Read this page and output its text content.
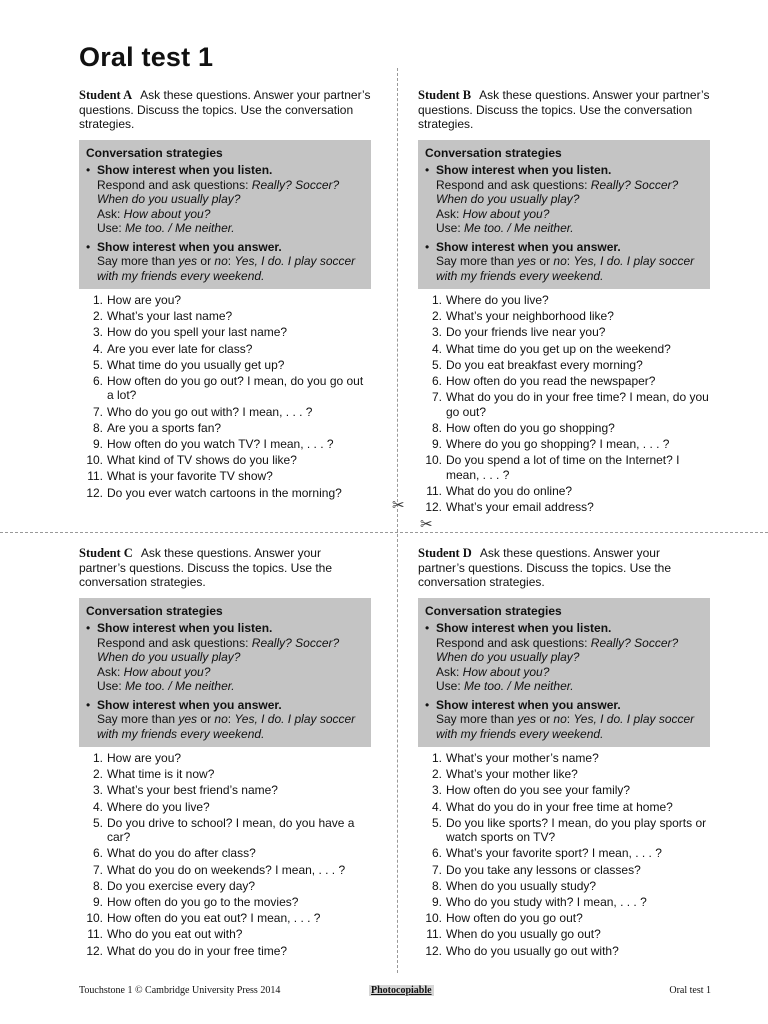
Oral test 1
✂
✂

Student A Ask these questions. Answer your partner’s questions. Discuss the topics. Use the conversation strategies.

Conversation strategies
• Show interest when you listen.
Respond and ask questions: Really? Soccer?
When do you usually play?
Ask: How about you?
Use: Me too. / Me neither.
• Show interest when you answer.
Say more than yes or no: Yes, I do. I play soccer
with my friends every weekend.
1. How are you?
2. What’s your last name?
3. How do you spell your last name?
4. Are you ever late for class?
5. What time do you usually get up?
6. How often do you go out? I mean, do you go out a lot?
7. Who do you go out with? I mean, . . . ?
8. Are you a sports fan?
9. How often do you watch TV? I mean, . . . ?
10. What kind of TV shows do you like?
11. What is your favorite TV show?
12. Do you ever watch cartoons in the morning?

Student B Ask these questions. Answer your partner’s questions. Discuss the topics. Use the conversation strategies.

Conversation strategies
• Show interest when you listen.
Respond and ask questions: Really? Soccer?
When do you usually play?
Ask: How about you?
Use: Me too. / Me neither.
• Show interest when you answer.
Say more than yes or no: Yes, I do. I play soccer
with my friends every weekend.
1. Where do you live?
2. What’s your neighborhood like?
3. Do your friends live near you?
4. What time do you get up on the weekend?
5. Do you eat breakfast every morning?
6. How often do you read the newspaper?
7. What do you do in your free time? I mean, do you go out?
8. How often do you go shopping?
9. Where do you go shopping? I mean, . . . ?
10. Do you spend a lot of time on the Internet? I mean, . . . ?
11. What do you do online?
12. What’s your email address?

Student C Ask these questions. Answer your partner’s questions. Discuss the topics. Use the conversation strategies.

Conversation strategies
• Show interest when you listen.
Respond and ask questions: Really? Soccer?
When do you usually play?
Ask: How about you?
Use: Me too. / Me neither.
• Show interest when you answer.
Say more than yes or no: Yes, I do. I play soccer
with my friends every weekend.
1. How are you?
2. What time is it now?
3. What’s your best friend’s name?
4. Where do you live?
5. Do you drive to school? I mean, do you have a car?
6. What do you do after class?
7. What do you do on weekends? I mean, . . . ?
8. Do you exercise every day?
9. How often do you go to the movies?
10. How often do you eat out? I mean, . . . ?
11. Who do you eat out with?
12. What do you do in your free time?

Student D Ask these questions. Answer your partner’s questions. Discuss the topics. Use the conversation strategies.

Conversation strategies
• Show interest when you listen.
Respond and ask questions: Really? Soccer?
When do you usually play?
Ask: How about you?
Use: Me too. / Me neither.
• Show interest when you answer.
Say more than yes or no: Yes, I do. I play soccer
with my friends every weekend.
1. What’s your mother’s name?
2. What’s your mother like?
3. How often do you see your family?
4. What do you do in your free time at home?
5. Do you like sports? I mean, do you play sports or watch sports on TV?
6. What’s your favorite sport? I mean, . . . ?
7. Do you take any lessons or classes?
8. When do you usually study?
9. Who do you study with? I mean, . . . ?
10. How often do you go out?
11. When do you usually go out?
12. Who do you usually go out with?
Touchstone 1 © Cambridge University Press 2014	Photocopiable	Oral test 1
